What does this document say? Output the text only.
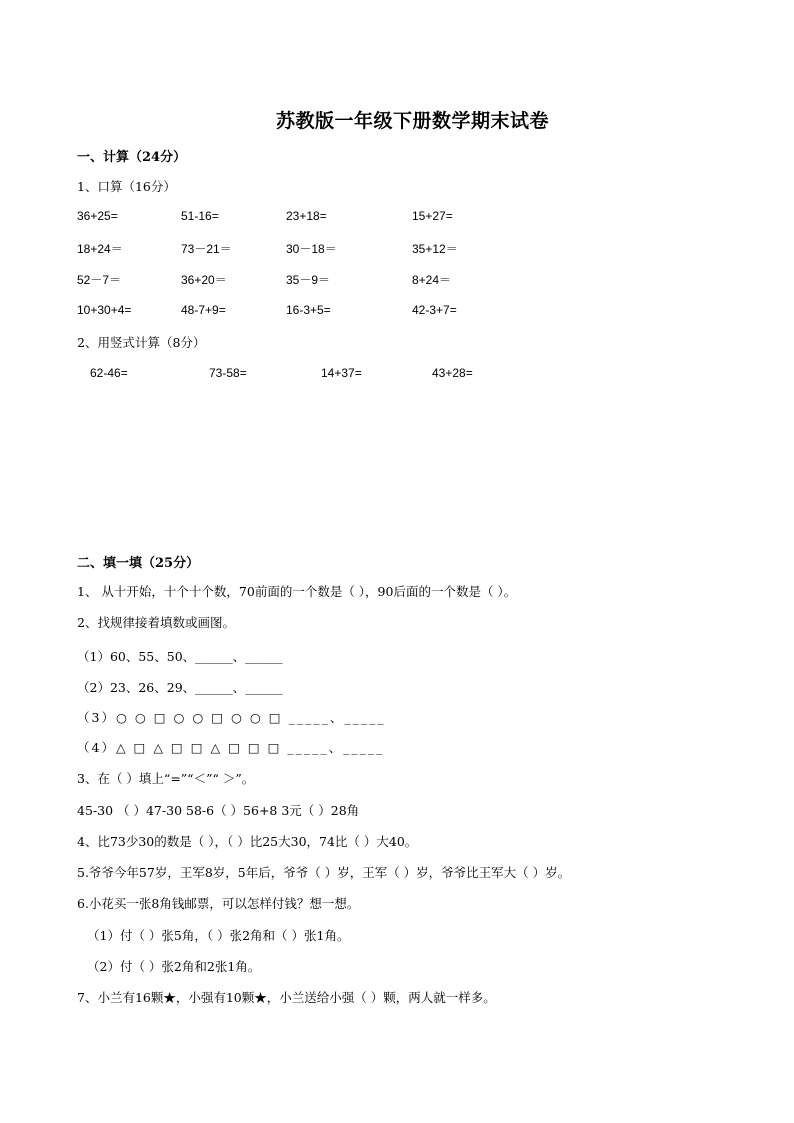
苏教版一年级下册数学期末试卷
一、计算（24分）
1、口算（16分）
36+25=	51-16=	23+18=	15+27=
18+24＝	73－21＝	30－18＝	35+12＝
52－7＝	36+20＝	35－9＝	8+24＝
10+30+4=	48-7+9=	16-3+5=	42-3+7=
2、用竖式计算（8分）
62-46=	73-58=	14+37=	43+28=
二、填一填（25分）
1、 从十开始，十个十个数，70前面的一个数是（ ），90后面的一个数是（ ）。
2、找规律接着填数或画图。
（1）60、55、50、______、______
（2）23、26、29、______、______
（3）○ ○ □ ○ ○ □ ○ ○ □ _____、_____
（4）△ □ △ □ □ △ □ □ □ _____、_____
3、在（ ）填上“=”“＜”“ ＞”。
45-30 （ ）47-30 58-6（ ）56+8 3元（ ）28角
4、比73少30的数是（ ），（ ）比25大30，74比（ ）大40。
5.爷爷今年57岁，王军8岁，5年后，爷爷（ ）岁，王军（ ）岁，爷爷比王军大（ ）岁。
6.小花买一张8角钱邮票，可以怎样付钱？想一想。
（1）付（ ）张5角，（ ）张2角和（ ）张1角。
（2）付（ ）张2角和2张1角。
7、小兰有16颗★，小强有10颗★，小兰送给小强（ ）颗，两人就一样多。
